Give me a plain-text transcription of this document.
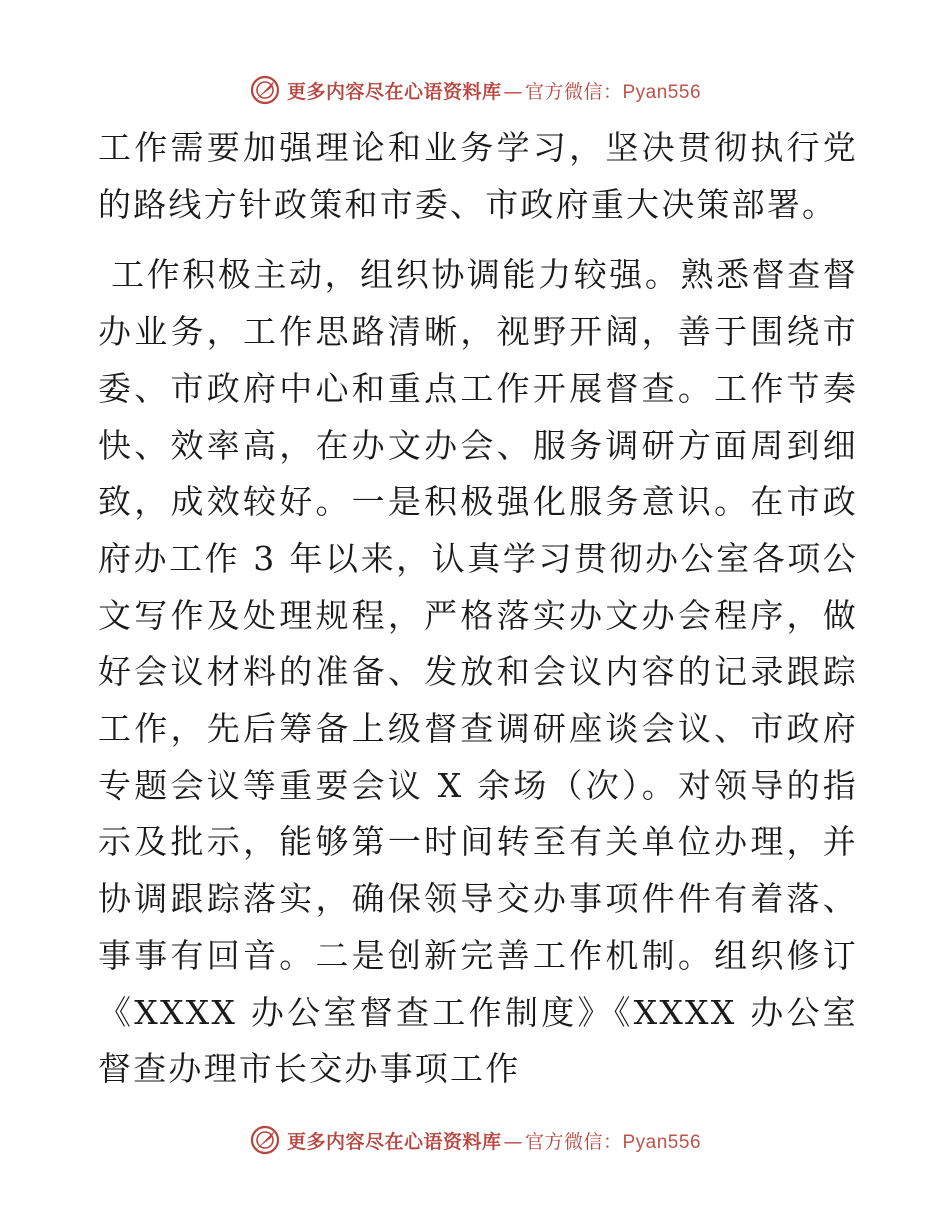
更多内容尽在心语资料库 — 官方微信：Pyan556

工作需要加强理论和业务学习，坚决贯彻执行党的路线方针政策和市委、市政府重大决策部署。

工作积极主动，组织协调能力较强。熟悉督查督办业务，工作思路清晰，视野开阔，善于围绕市委、市政府中心和重点工作开展督查。工作节奏快、效率高，在办文办会、服务调研方面周到细致，成效较好。一是积极强化服务意识。在市政府办工作 3 年以来，认真学习贯彻办公室各项公文写作及处理规程，严格落实办文办会程序，做好会议材料的准备、发放和会议内容的记录跟踪工作，先后筹备上级督查调研座谈会议、市政府专题会议等重要会议 X 余场（次）。对领导的指示及批示，能够第一时间转至有关单位办理，并协调跟踪落实，确保领导交办事项件件有着落、事事有回音。二是创新完善工作机制。组织修订《XXXX 办公室督查工作制度》《XXXX 办公室督查办理市长交办事项工作

更多内容尽在心语资料库 — 官方微信：Pyan556
